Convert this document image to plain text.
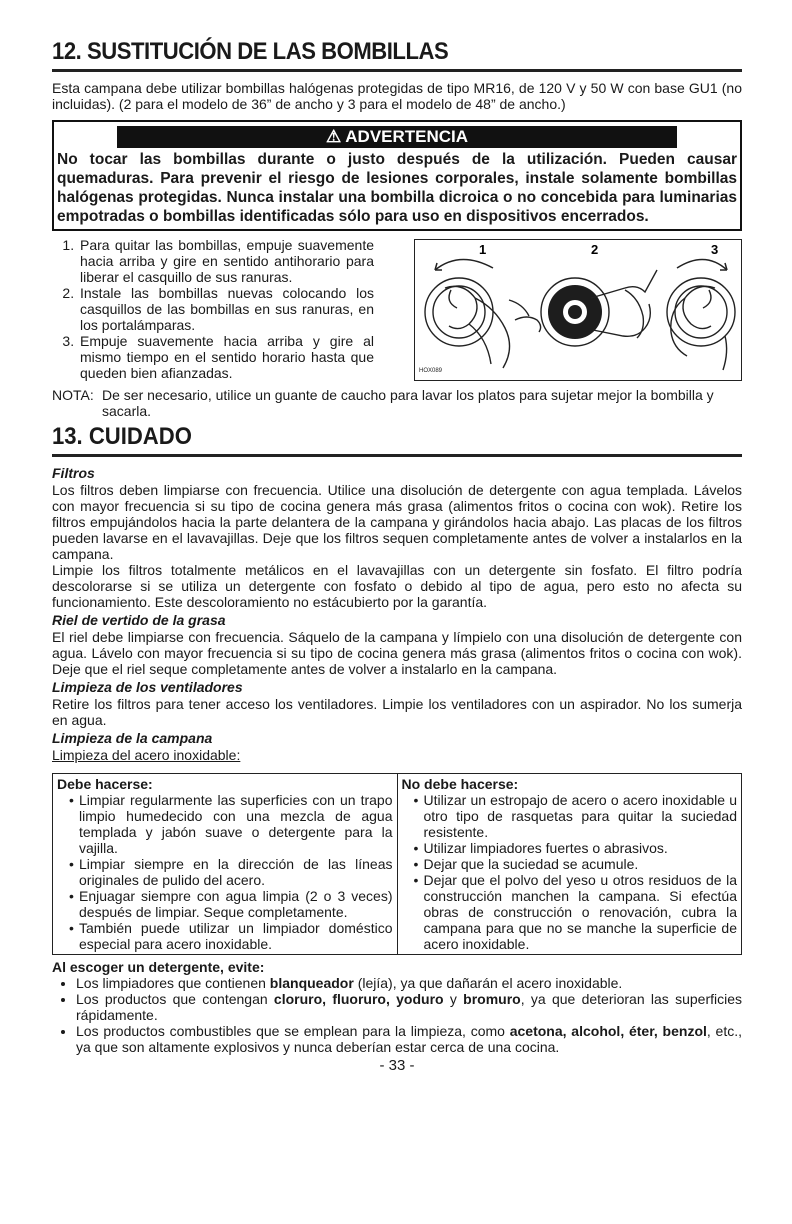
12. SUSTITUCIÓN DE LAS BOMBILLAS

Esta campana debe utilizar bombillas halógenas protegidas de tipo MR16, de 120 V y 50 W con base GU1 (no incluidas). (2 para el modelo de 36” de ancho y 3 para el modelo de 48” de ancho.)

⚠ ADVERTENCIA
No tocar las bombillas durante o justo después de la utilización. Pueden causar quemaduras. Para prevenir el riesgo de lesiones corporales, instale solamente bombillas halógenas protegidas. Nunca instalar una bombilla dicroica o no concebida para luminarias empotradas o bombillas identificadas sólo para uso en dispositivos encerrados.
1. Para quitar las bombillas, empuje suavemente hacia arriba y gire en sentido antihorario para liberar el casquillo de sus ranuras.
2. Instale las bombillas nuevas colocando los casquillos de las bombillas en sus ranuras, en los portalámparas.
3. Empuje suavemente hacia arriba y gire al mismo tiempo en el sentido horario hasta que queden bien afianzadas.
1	2	3
HOX089
NOTA: De ser necesario, utilice un guante de caucho para lavar los platos para sujetar mejor la bombilla y sacarla.
13. CUIDADO
Filtros

Los filtros deben limpiarse con frecuencia. Utilice una disolución de detergente con agua templada. Lávelos con mayor frecuencia si su tipo de cocina genera más grasa (alimentos fritos o cocina con wok). Retire los filtros empujándolos hacia la parte delantera de la campana y girándolos hacia abajo. Las placas de los filtros pueden lavarse en el lavavajillas. Deje que los filtros sequen completamente antes de volver a instalarlos en la campana.

Limpie los filtros totalmente metálicos en el lavavajillas con un detergente sin fosfato. El filtro podría descolorarse si se utiliza un detergente con fosfato o debido al tipo de agua, pero esto no afecta su funcionamiento. Este descoloramiento no estácubierto por la garantía.

Riel de vertido de la grasa

El riel debe limpiarse con frecuencia. Sáquelo de la campana y límpielo con una disolución de detergente con agua. Lávelo con mayor frecuencia si su tipo de cocina genera más grasa (alimentos fritos o cocina con wok). Deje que el riel seque completamente antes de volver a instalarlo en la campana.

Limpieza de los ventiladores

Retire los filtros para tener acceso los ventiladores. Limpie los ventiladores con un aspirador. No los sumerja en agua.

Limpieza de la campana
Limpieza del acero inoxidable:
Debe hacerse:
• Limpiar regularmente las superficies con un trapo limpio humedecido con una mezcla de agua templada y jabón suave o detergente para la vajilla.
• Limpiar siempre en la dirección de las líneas originales de pulido del acero.
• Enjuagar siempre con agua limpia (2 o 3 veces) después de limpiar. Seque completamente.
• También puede utilizar un limpiador doméstico especial para acero inoxidable.
No debe hacerse:
• Utilizar un estropajo de acero o acero inoxidable u otro tipo de rasquetas para quitar la suciedad resistente.
• Utilizar limpiadores fuertes o abrasivos.
• Dejar que la suciedad se acumule.
• Dejar que el polvo del yeso u otros residuos de la construcción manchen la campana. Si efectúa obras de construcción o renovación, cubra la campana para que no se manche la superficie de acero inoxidable.
Al escoger un detergente, evite:
• Los limpiadores que contienen blanqueador (lejía), ya que dañarán el acero inoxidable.
• Los productos que contengan cloruro, fluoruro, yoduro y bromuro, ya que deterioran las superficies rápidamente.
• Los productos combustibles que se emplean para la limpieza, como acetona, alcohol, éter, benzol, etc., ya que son altamente explosivos y nunca deberían estar cerca de una cocina.
- 33 -
